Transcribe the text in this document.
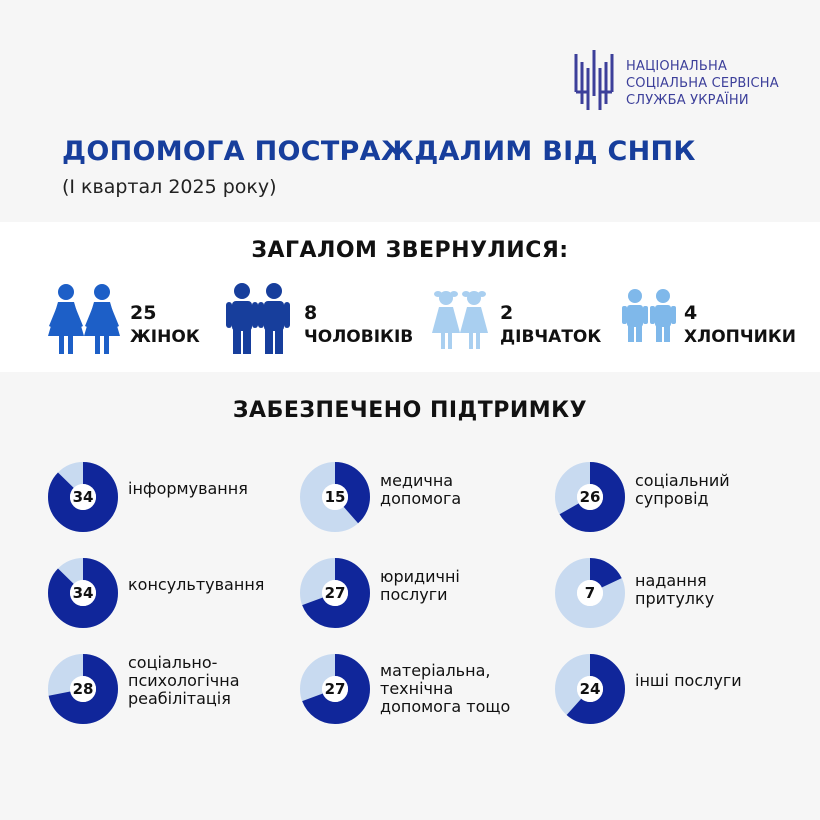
НАЦІОНАЛЬНА
СОЦІАЛЬНА СЕРВІСНА
СЛУЖБА УКРАЇНИ
ДОПОМОГА ПОСТРАЖДАЛИМ ВІД СНПК
(І квартал 2025 року)
ЗАГАЛОМ ЗВЕРНУЛИСЯ:
25
ЖІНОК
8
ЧОЛОВІКІВ
2
ДІВЧАТОК
4
ХЛОПЧИКИ
ЗАБЕЗПЕЧЕНО ПІДТРИМКУ
34	інформування	15
медична
допомога	26
соціальний
супровід
34	консультування	27
юридичні
послуги	7
надання
притулку
28
соціально-
психологічна
реабілітація	27
матеріальна,
технічна
допомога тощо
24	інші послуги
